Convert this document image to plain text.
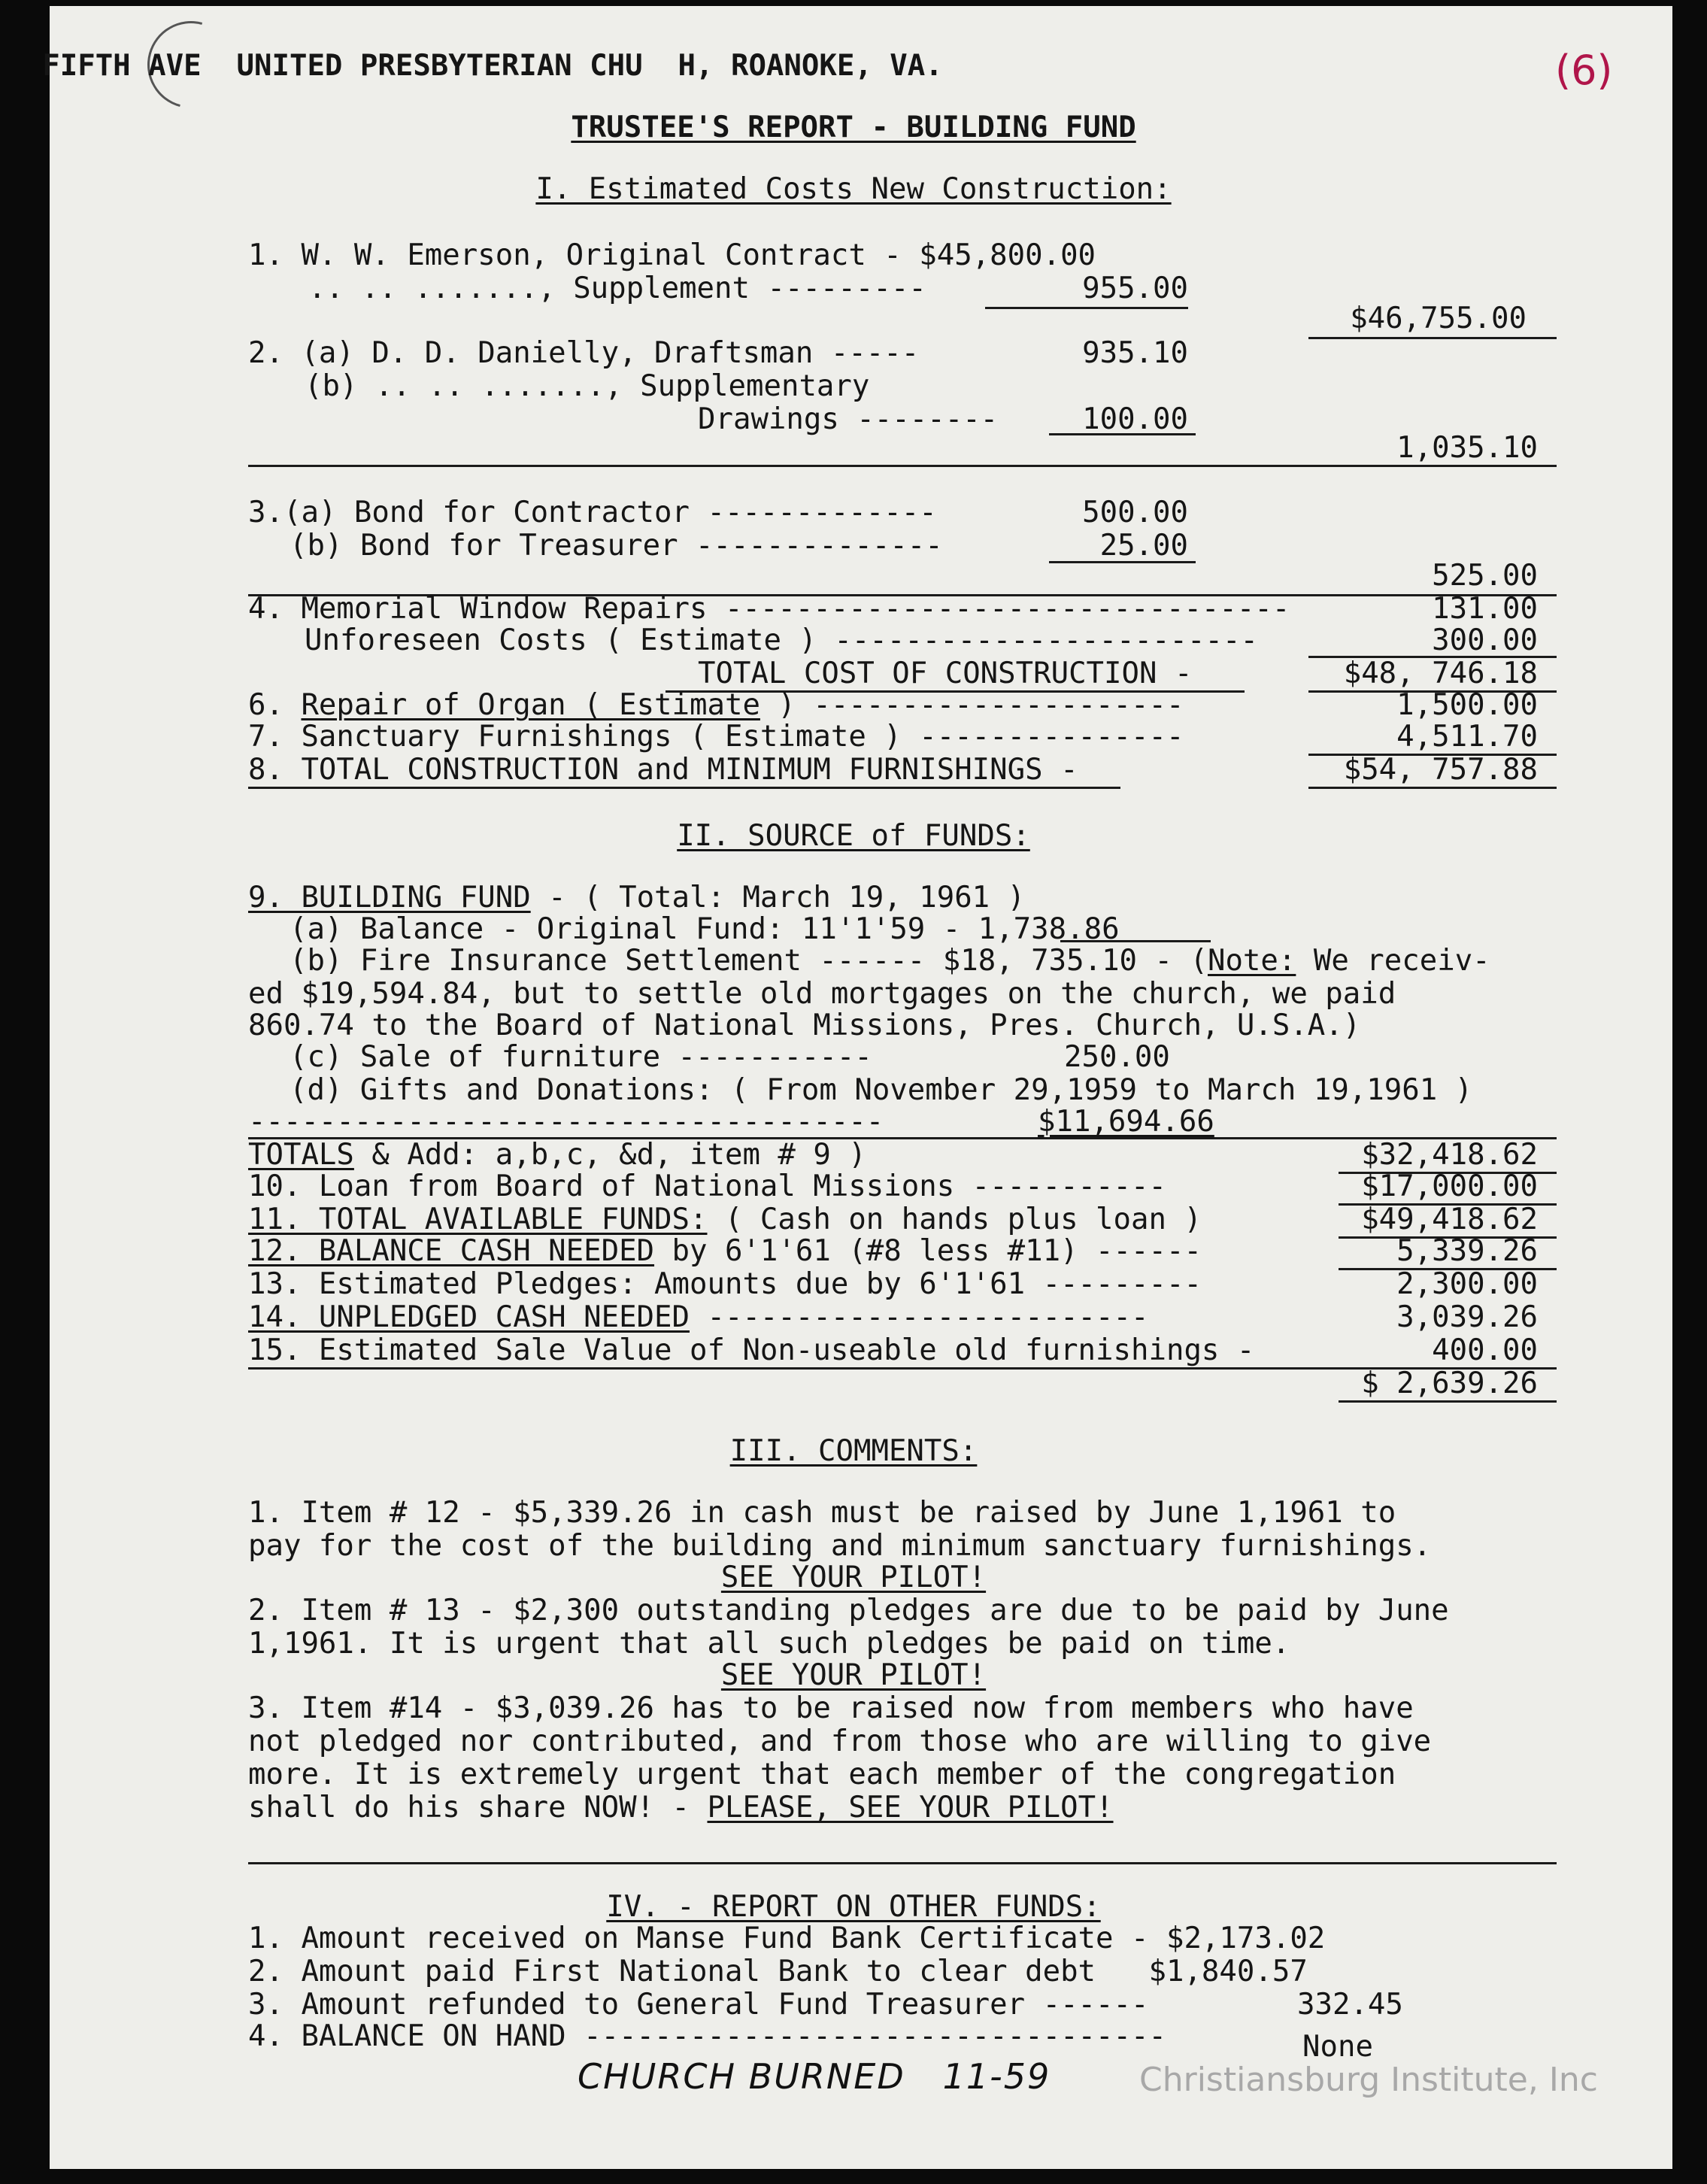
FIFTH AVE  UNITED PRESBYTERIAN CHU  H, ROANOKE, VA.	(6)
TRUSTEE'S REPORT - BUILDING FUND
I. Estimated Costs New Construction:
1. W. W. Emerson, Original Contract - $45,800.00
.. .. ......., Supplement ---------	955.00
$46,755.00
2. (a) D. D. Danielly, Draftsman -----	935.10
(b) .. .. ......., Supplementary
Drawings --------	100.00
1,035.10
3.(a) Bond for Contractor -------------	500.00
(b) Bond for Treasurer --------------	25.00
525.00
4. Memorial Window Repairs --------------------------------	131.00
Unforeseen Costs ( Estimate ) ------------------------	300.00
TOTAL COST OF CONSTRUCTION -	$48, 746.18
6. Repair of Organ ( Estimate ) ---------------------	1,500.00
7. Sanctuary Furnishings ( Estimate ) ---------------	4,511.70
8. TOTAL CONSTRUCTION and MINIMUM FURNISHINGS -	$54, 757.88
II. SOURCE of FUNDS:
9. BUILDING FUND - ( Total: March 19, 1961 )
(a) Balance - Original Fund: 11'1'59 - 1,738.86
(b) Fire Insurance Settlement ------ $18, 735.10 - (Note: We receiv-
ed $19,594.84, but to settle old mortgages on the church, we paid
860.74 to the Board of National Missions, Pres. Church, U.S.A.)
(c) Sale of furniture -----------	250.00
(d) Gifts and Donations: ( From November 29,1959 to March 19,1961 )
------------------------------------	$11,694.66
TOTALS & Add: a,b,c, &d, item # 9 )	$32,418.62
10. Loan from Board of National Missions -----------	$17,000.00
11. TOTAL AVAILABLE FUNDS: ( Cash on hands plus loan )	$49,418.62
12. BALANCE CASH NEEDED by 6'1'61 (#8 less #11) ------	5,339.26
13. Estimated Pledges: Amounts due by 6'1'61 ---------	2,300.00
14. UNPLEDGED CASH NEEDED -------------------------	3,039.26
15. Estimated Sale Value of Non-useable old furnishings -	400.00
$ 2,639.26
III. COMMENTS:
1. Item # 12 - $5,339.26 in cash must be raised by June 1,1961 to
pay for the cost of the building and minimum sanctuary furnishings.
SEE YOUR PILOT!
2. Item # 13 - $2,300 outstanding pledges are due to be paid by June
1,1961. It is urgent that all such pledges be paid on time.
SEE YOUR PILOT!
3. Item #14 - $3,039.26 has to be raised now from members who have
not pledged nor contributed, and from those who are willing to give
more. It is extremely urgent that each member of the congregation
shall do his share NOW! - PLEASE, SEE YOUR PILOT!
IV. - REPORT ON OTHER FUNDS:
1. Amount received on Manse Fund Bank Certificate - $2,173.02
2. Amount paid First National Bank to clear debt   $1,840.57
3. Amount refunded to General Fund Treasurer ------	332.45
4. BALANCE ON HAND ---------------------------------	None
CHURCH BURNED   11-59	Christiansburg Institute, Inc
